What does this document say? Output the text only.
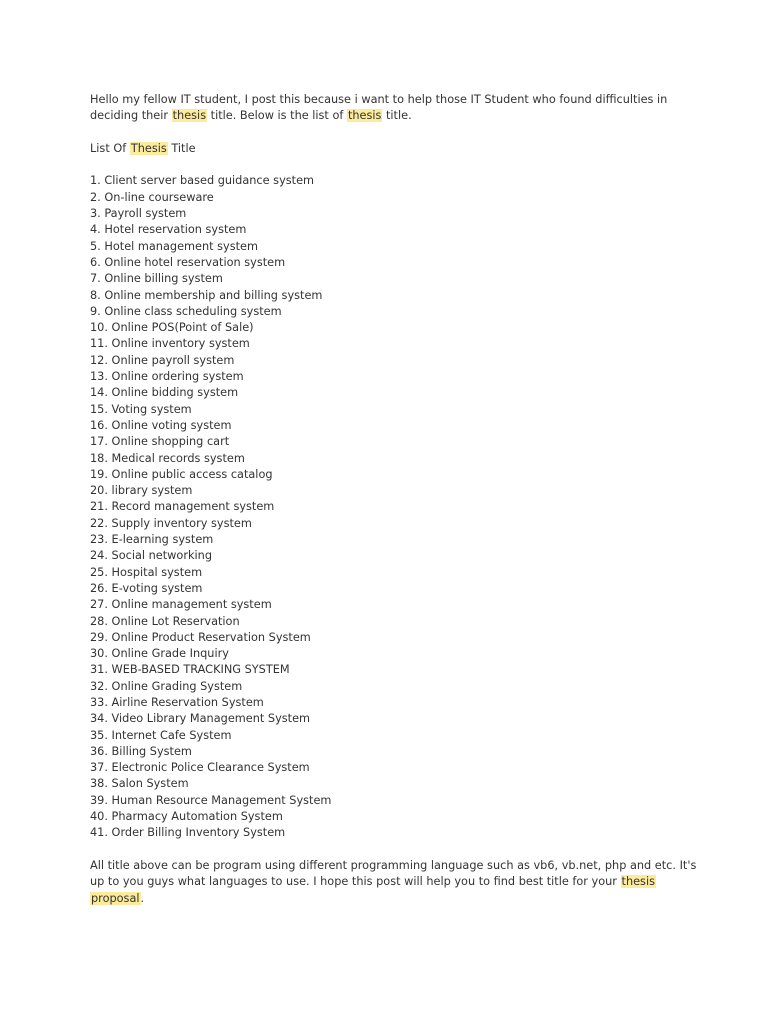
Hello my fellow IT student, I post this because i want to help those IT Student who found difficulties in deciding their thesis title. Below is the list of thesis title.

List Of Thesis Title

1. Client server based guidance system
2. On-line courseware
3. Payroll system
4. Hotel reservation system
5. Hotel management system
6. Online hotel reservation system
7. Online billing system
8. Online membership and billing system
9. Online class scheduling system
10. Online POS(Point of Sale)
11. Online inventory system
12. Online payroll system
13. Online ordering system
14. Online bidding system
15. Voting system
16. Online voting system
17. Online shopping cart
18. Medical records system
19. Online public access catalog
20. library system
21. Record management system
22. Supply inventory system
23. E-learning system
24. Social networking
25. Hospital system
26. E-voting system
27. Online management system
28. Online Lot Reservation
29. Online Product Reservation System
30. Online Grade Inquiry
31. WEB-BASED TRACKING SYSTEM
32. Online Grading System
33. Airline Reservation System
34. Video Library Management System
35. Internet Cafe System
36. Billing System
37. Electronic Police Clearance System
38. Salon System
39. Human Resource Management System
40. Pharmacy Automation System
41. Order Billing Inventory System

All title above can be program using different programming language such as vb6, vb.net, php and etc. It's up to you guys what languages to use. I hope this post will help you to find best title for your thesis proposal.
